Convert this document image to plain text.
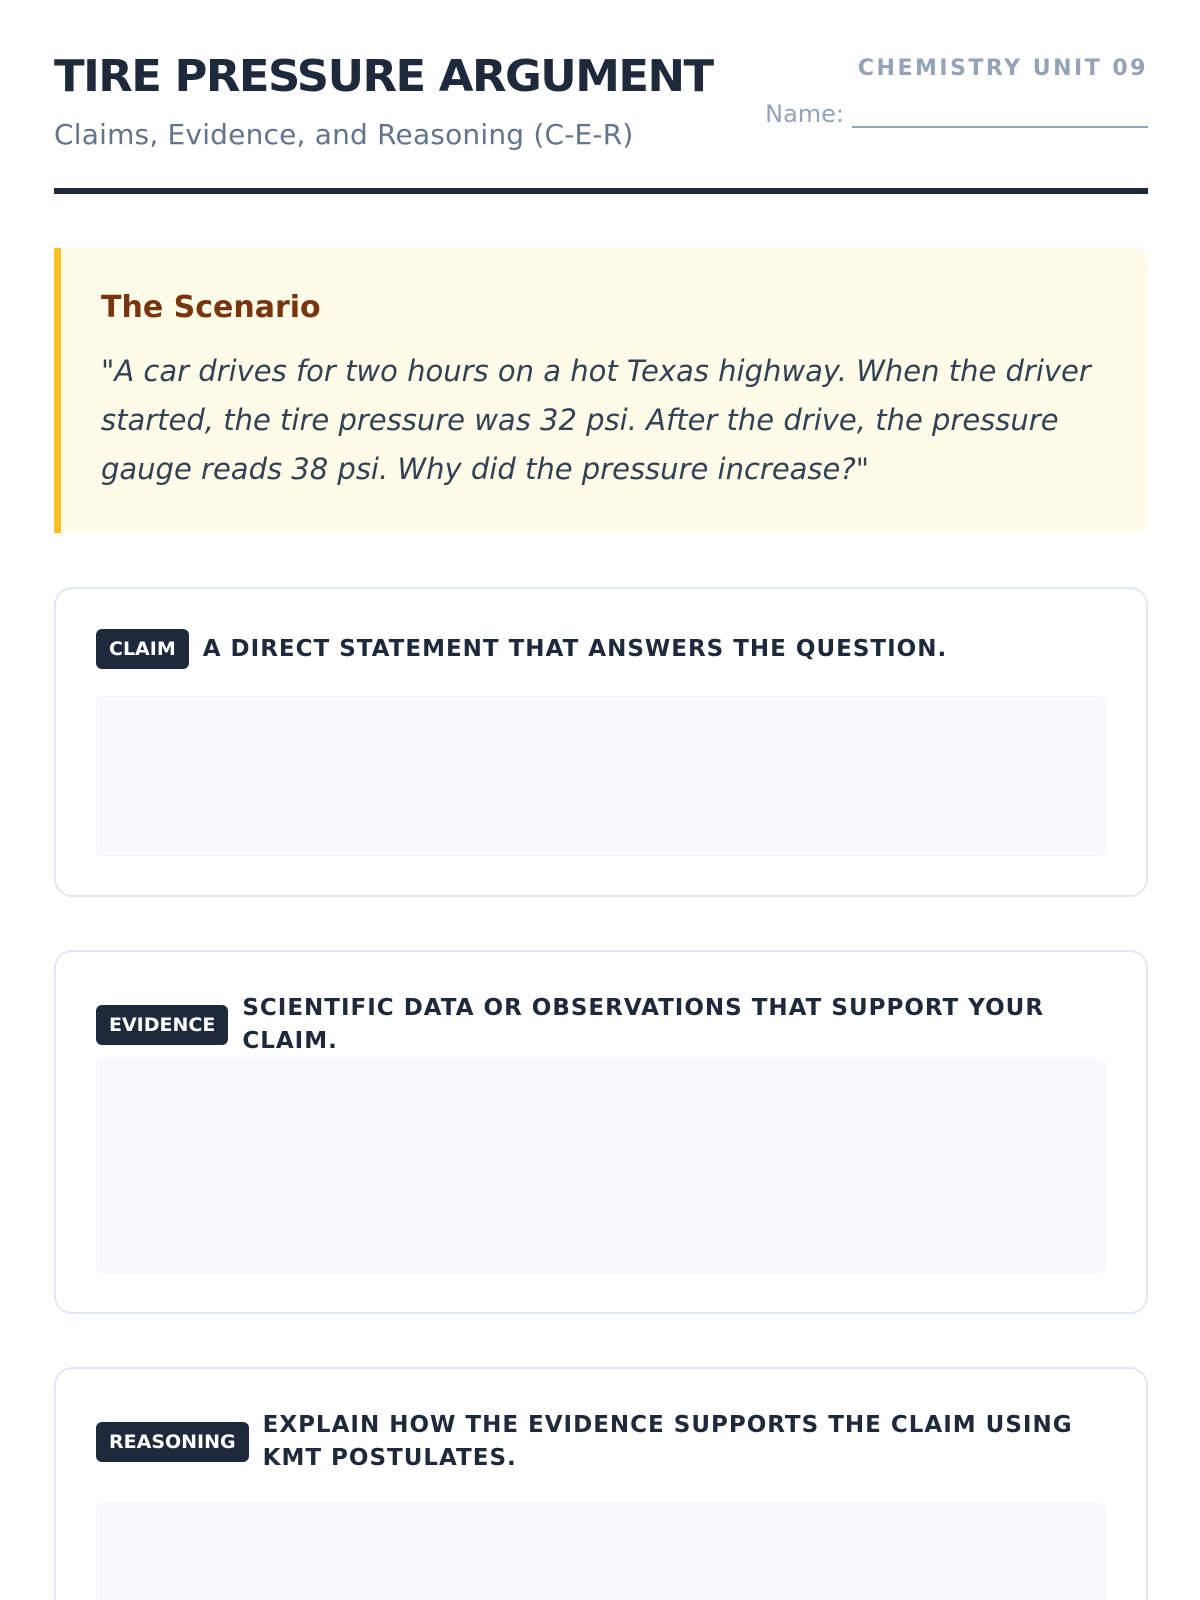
TIRE PRESSURE ARGUMENT
Claims, Evidence, and Reasoning (C-E-R)
CHEMISTRY UNIT 09
Name:
The Scenario

"A car drives for two hours on a hot Texas highway. When the driver started, the tire pressure was 32 psi. After the drive, the pressure gauge reads 38 psi. Why did the pressure increase?"

CLAIM	A DIRECT STATEMENT THAT ANSWERS THE QUESTION.
EVIDENCE
SCIENTIFIC DATA OR OBSERVATIONS THAT SUPPORT YOUR CLAIM.
REASONING
EXPLAIN HOW THE EVIDENCE SUPPORTS THE CLAIM USING KMT POSTULATES.
